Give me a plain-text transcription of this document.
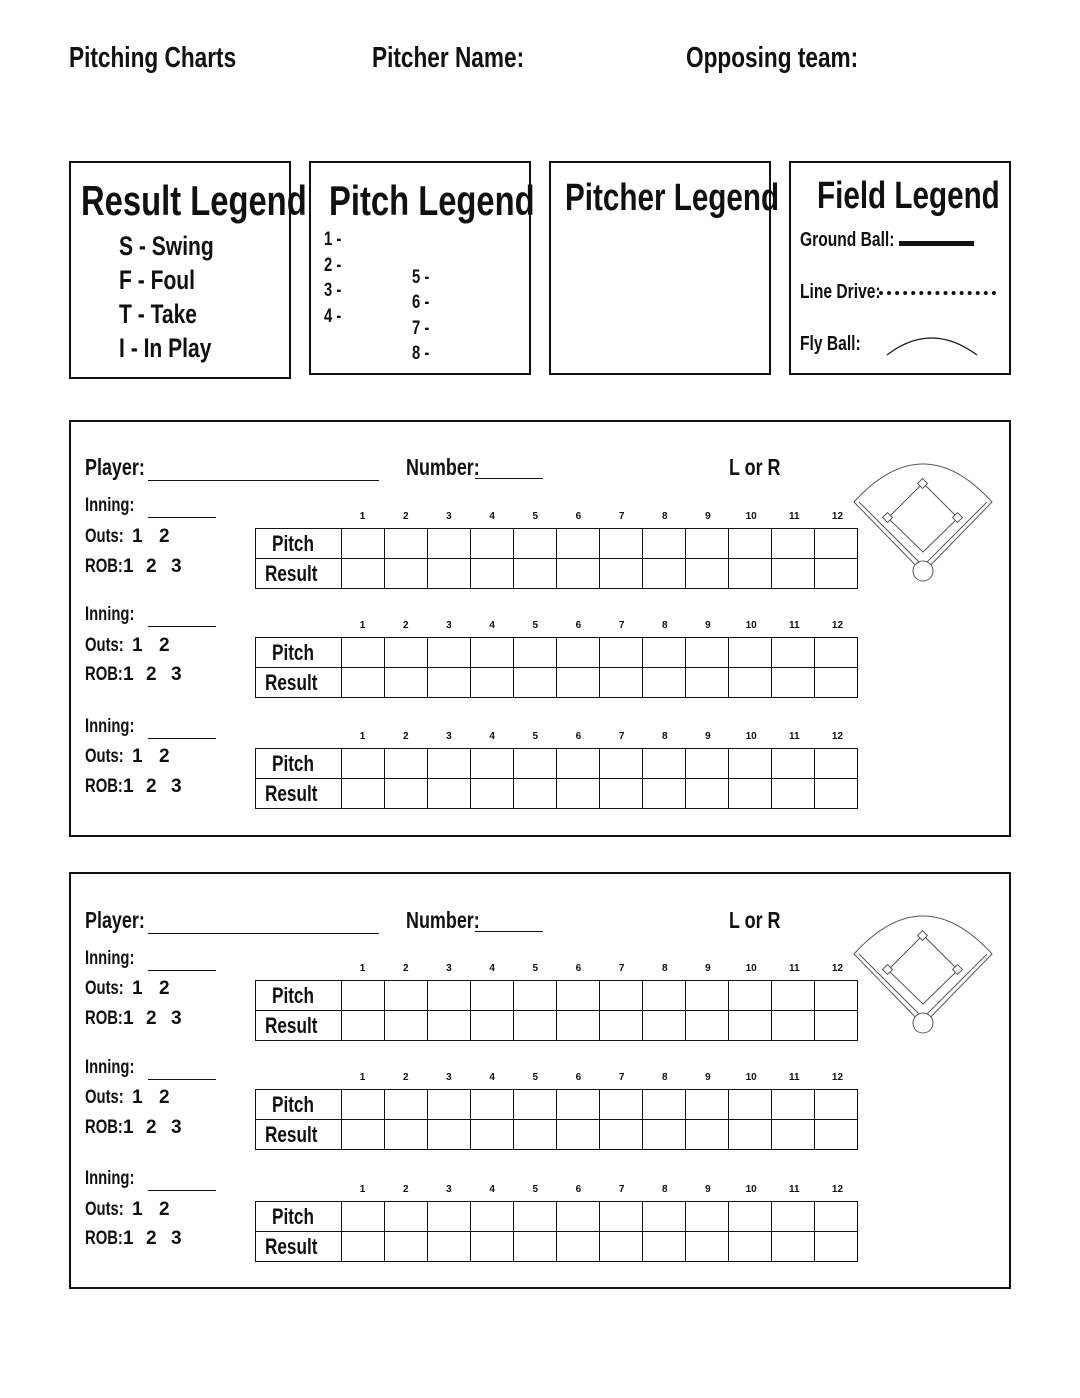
Pitching Charts	Pitcher Name:	Opposing team:
Result Legend
S - Swing
F - Foul
T - Take
I - In Play
Pitch Legend
1 -
2 -
3 -
4 -
5 -
6 -
7 -
8 -
Pitcher Legend Field Legend
Ground Ball:
Line Drive:
Fly Ball:
Player:	Number:	L or R
Inning:
Outs: 1 2
ROB: 1 2 3
1	2	3	4	5	6	7	8	9	10	11	12
Pitch												
Result												
Inning:
Outs: 1 2
ROB: 1 2 3
1	2	3	4	5	6	7	8	9	10	11	12
Pitch												
Result												
Inning:
Outs: 1 2
ROB: 1 2 3
1	2	3	4	5	6	7	8	9	10	11	12
Pitch												
Result												
Player:	Number:	L or R
Inning:
Outs: 1 2
ROB: 1 2 3
1	2	3	4	5	6	7	8	9	10	11	12
Pitch												
Result												
Inning:
Outs: 1 2
ROB: 1 2 3
1	2	3	4	5	6	7	8	9	10	11	12
Pitch												
Result												
Inning:
Outs: 1 2
ROB: 1 2 3
1	2	3	4	5	6	7	8	9	10	11	12
Pitch												
Result												
